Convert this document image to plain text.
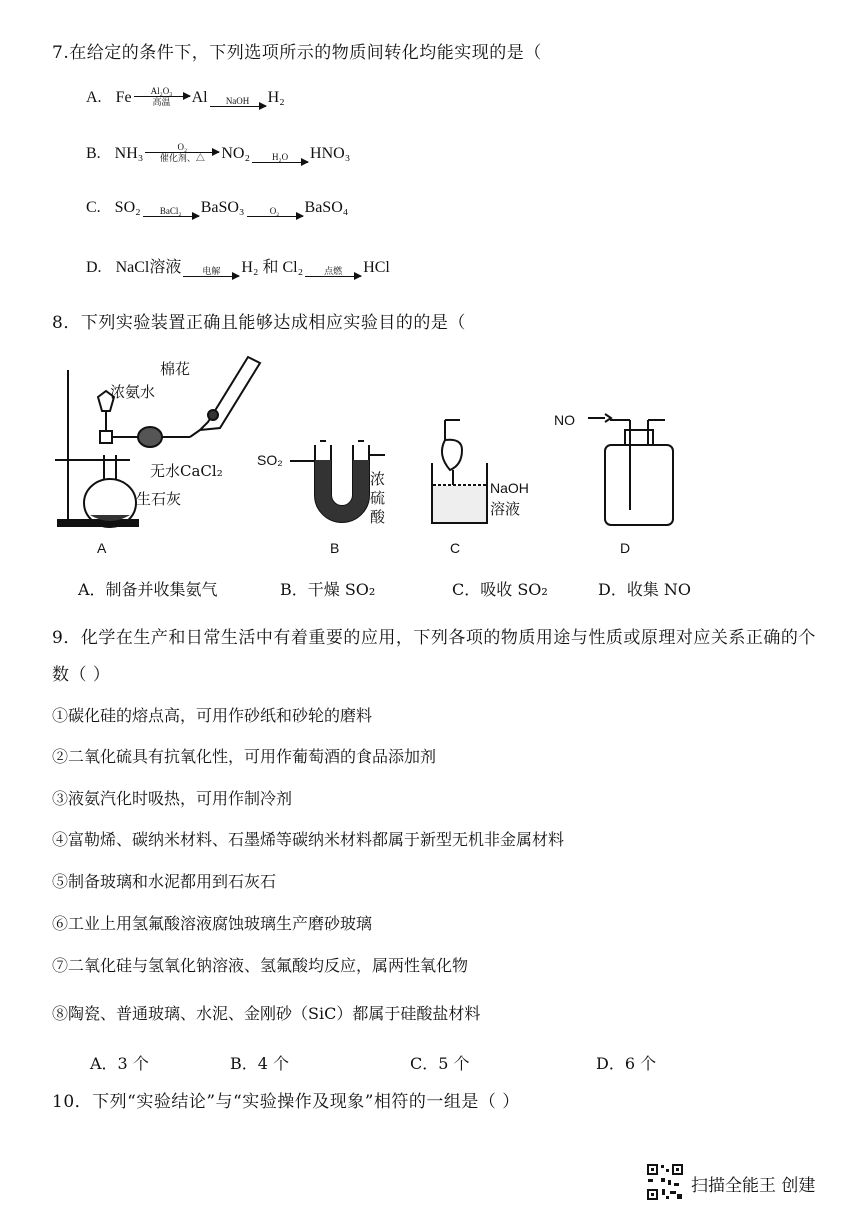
7.在给定的条件下，下列选项所示的物质间转化均能实现的是（
A. Fe	Al₂O₃
高温	Al	NaOH	H₂
B. NH₃	O₂
催化剂、△	NO₂	H₂O	HNO₃
C. SO₂	BaCl₂	BaSO₃	O₂	BaSO₄
D. NaCl溶液	电解	H₂ 和 Cl₂	点燃	HCl
8．下列实验装置正确且能够达成相应实验目的的是（
棉花
浓氨水
无水CaCl₂
生石灰
SO₂
浓
硫
酸
NaOH
溶液
NO
A	B	C	D
A．制备并收集氨气	B．干燥 SO₂	C．吸收 SO₂	D．收集 NO
9．化学在生产和日常生活中有着重要的应用，下列各项的物质用途与性质或原理对应关系正确的个
数（ ）
①碳化硅的熔点高，可用作砂纸和砂轮的磨料
②二氧化硫具有抗氧化性，可用作葡萄酒的食品添加剂
③液氨汽化时吸热，可用作制冷剂
④富勒烯、碳纳米材料、石墨烯等碳纳米材料都属于新型无机非金属材料
⑤制备玻璃和水泥都用到石灰石
⑥工业上用氢氟酸溶液腐蚀玻璃生产磨砂玻璃
⑦二氧化硅与氢氧化钠溶液、氢氟酸均反应，属两性氧化物
⑧陶瓷、普通玻璃、水泥、金刚砂（SiC）都属于硅酸盐材料
A．3 个	B．4 个	C．5 个	D．6 个
10．下列“实验结论”与“实验操作及现象”相符的一组是（ ）
扫描全能王 创建
